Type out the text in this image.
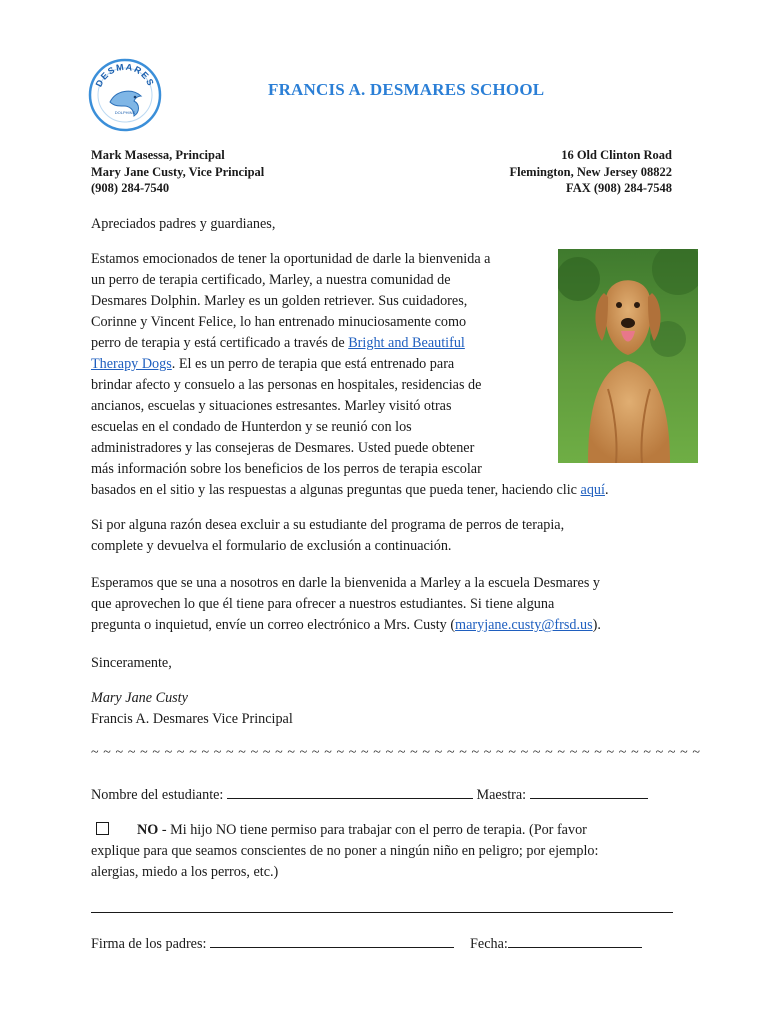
DESMARES
DOLPHINS
FRANCIS A. DESMARES SCHOOL
Mark Masessa, Principal
Mary Jane Custy, Vice Principal
(908) 284-7540
16 Old Clinton Road
Flemington, New Jersey 08822
FAX (908) 284-7548
Apreciados padres y guardianes,
Estamos emocionados de tener la oportunidad de darle la bienvenida a
un perro de terapia certificado, Marley, a nuestra comunidad de
Desmares Dolphin. Marley es un golden retriever. Sus cuidadores,
Corinne y Vincent Felice, lo han entrenado minuciosamente como
perro de terapia y está certificado a través de Bright and Beautiful
Therapy Dogs. El es un perro de terapia que está entrenado para
brindar afecto y consuelo a las personas en hospitales, residencias de
ancianos, escuelas y situaciones estresantes. Marley visitó otras
escuelas en el condado de Hunterdon y se reunió con los
administradores y las consejeras de Desmares. Usted puede obtener
más información sobre los beneficios de los perros de terapia escolar
basados en el sitio y las respuestas a algunas preguntas que pueda tener, haciendo clic aquí.
Si por alguna razón desea excluir a su estudiante del programa de perros de terapia,
complete y devuelva el formulario de exclusión a continuación.
Esperamos que se una a nosotros en darle la bienvenida a Marley a la escuela Desmares y
que aprovechen lo que él tiene para ofrecer a nuestros estudiantes. Si tiene alguna
pregunta o inquietud, envíe un correo electrónico a Mrs. Custy (maryjane.custy@frsd.us).
Sinceramente,
Mary Jane Custy
Francis A. Desmares Vice Principal
~ ~ ~ ~ ~ ~ ~ ~ ~ ~ ~ ~ ~ ~ ~ ~ ~ ~ ~ ~ ~ ~ ~ ~ ~ ~ ~ ~ ~ ~ ~ ~ ~ ~ ~ ~ ~ ~ ~ ~ ~ ~ ~ ~ ~ ~ ~ ~ ~ ~
Nombre del estudiante:	Maestra:
NO - Mi hijo NO tiene permiso para trabajar con el perro de terapia. (Por favor
explique para que seamos conscientes de no poner a ningún niño en peligro; por ejemplo:
alergias, miedo a los perros, etc.)
Firma de los padres:	Fecha:
